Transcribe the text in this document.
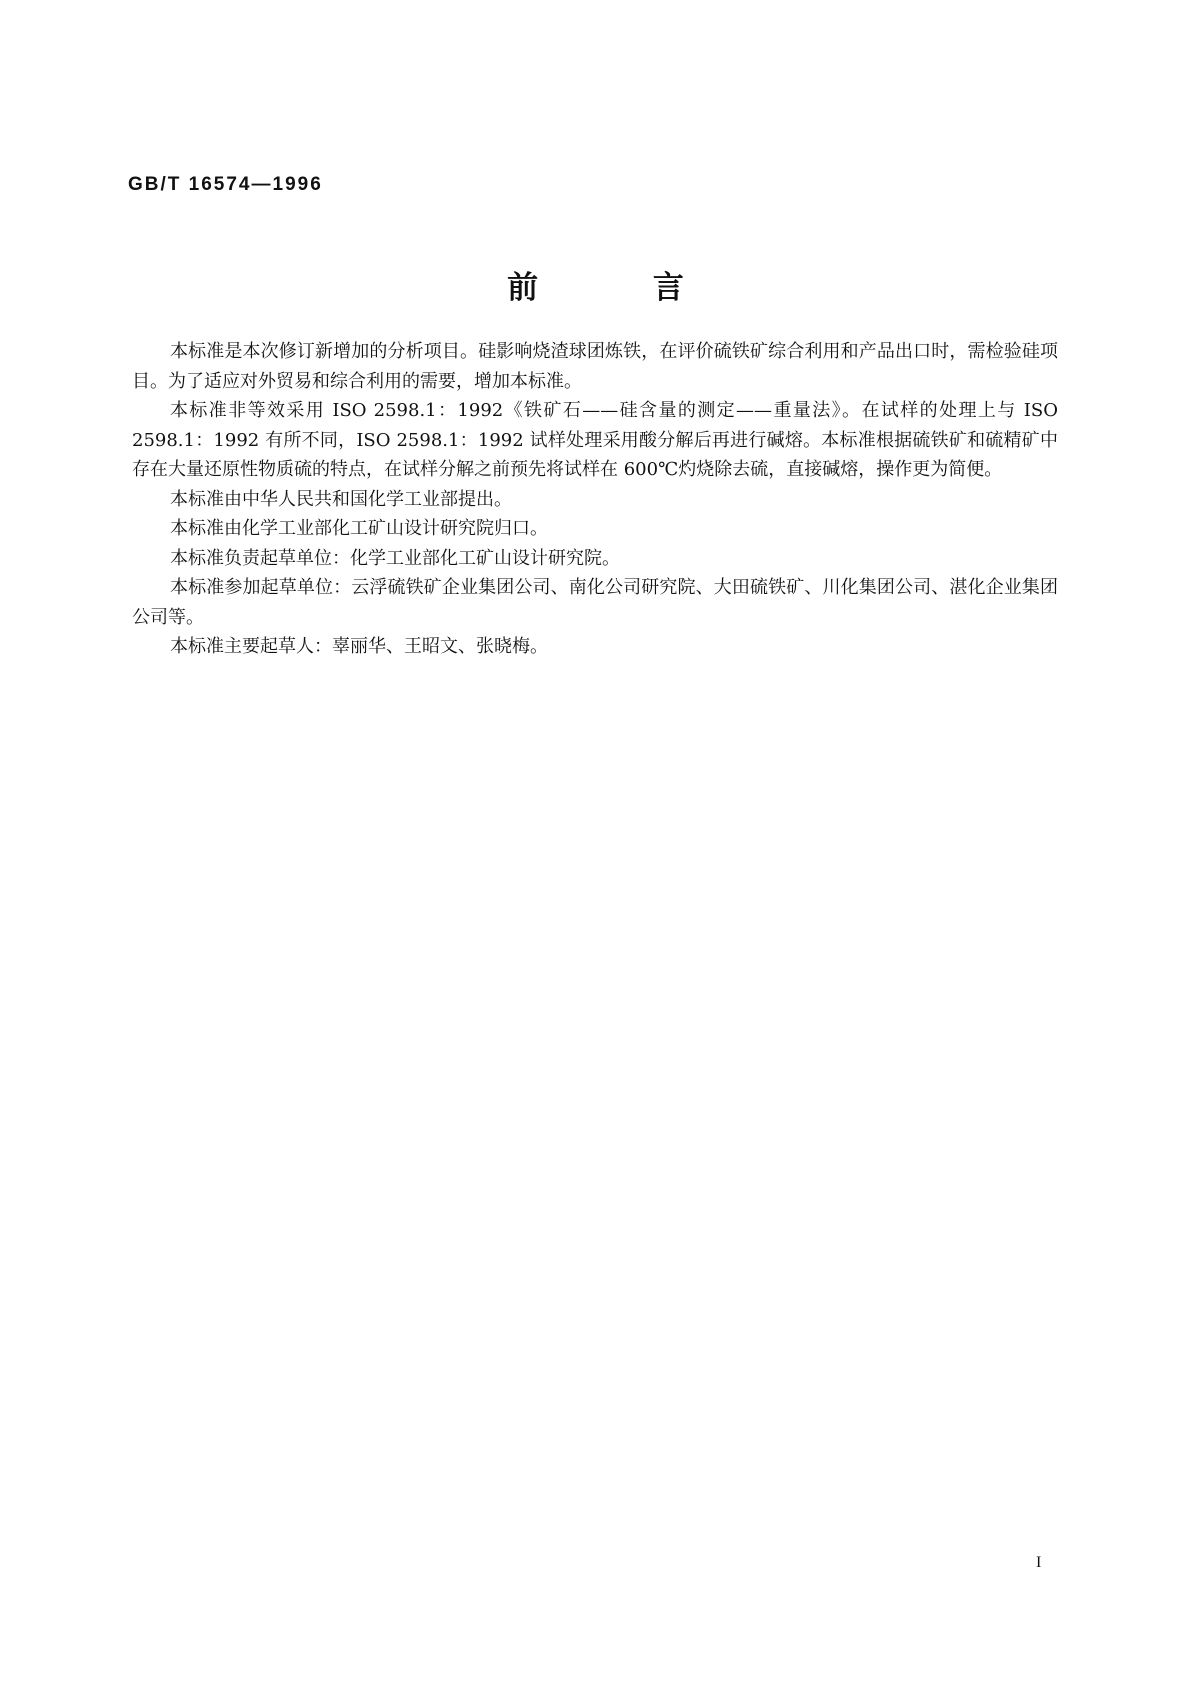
GB/T 16574—1996
前 言

本标准是本次修订新增加的分析项目。硅影响烧渣球团炼铁，在评价硫铁矿综合利用和产品出口时，需检验硅项目。为了适应对外贸易和综合利用的需要，增加本标准。

本标准非等效采用 ISO 2598.1：1992《铁矿石——硅含量的测定——重量法》。在试样的处理上与 ISO 2598.1：1992 有所不同，ISO 2598.1：1992 试样处理采用酸分解后再进行碱熔。本标准根据硫铁矿和硫精矿中存在大量还原性物质硫的特点，在试样分解之前预先将试样在 600℃灼烧除去硫，直接碱熔，操作更为简便。

本标准由中华人民共和国化学工业部提出。

本标准由化学工业部化工矿山设计研究院归口。

本标准负责起草单位：化学工业部化工矿山设计研究院。

本标准参加起草单位：云浮硫铁矿企业集团公司、南化公司研究院、大田硫铁矿、川化集团公司、湛化企业集团公司等。

本标准主要起草人：辜丽华、王昭文、张晓梅。

I
